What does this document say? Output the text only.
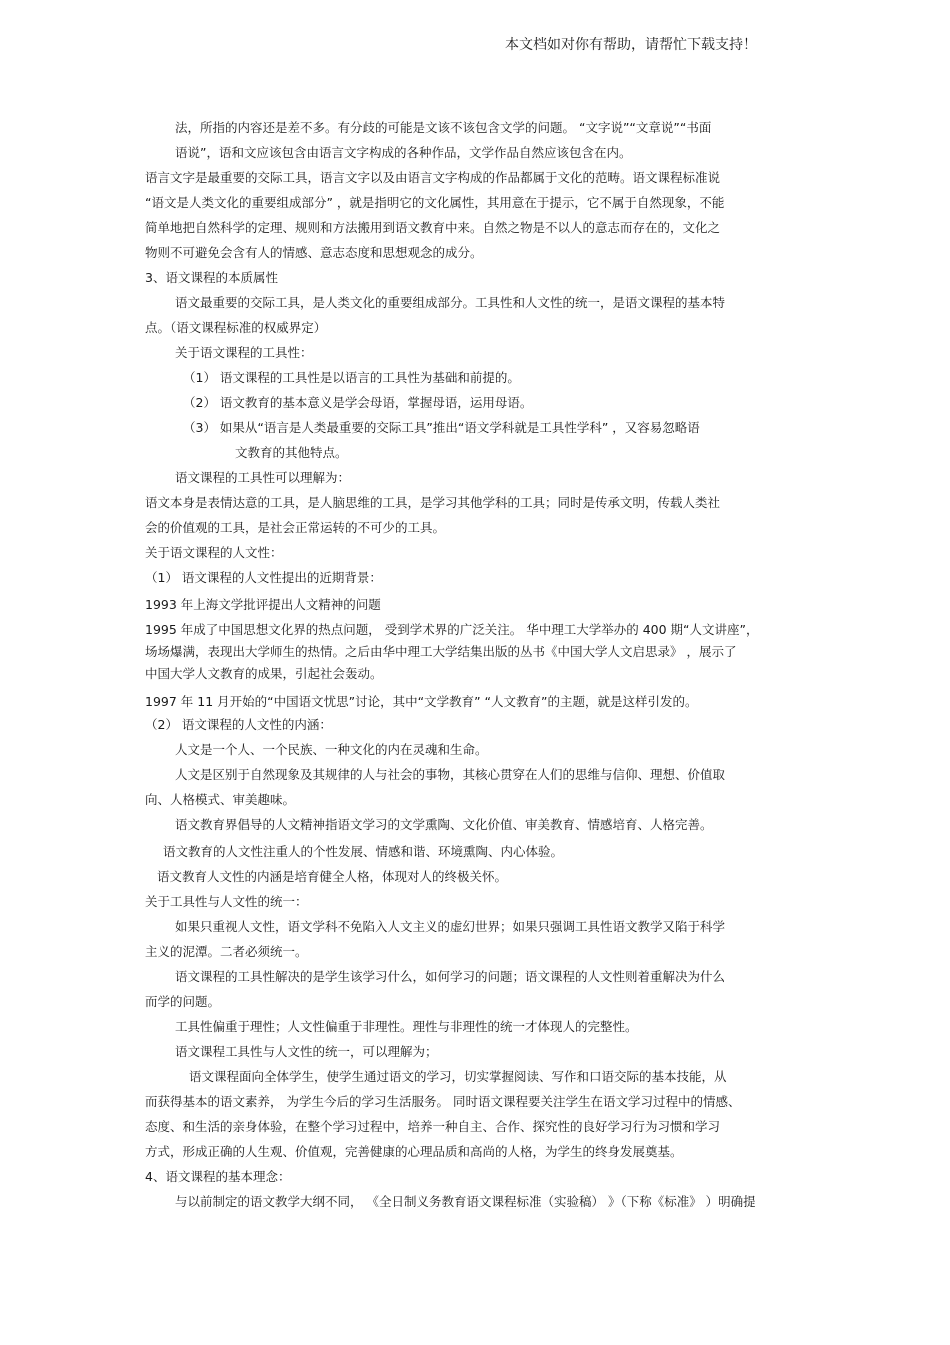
本文档如对你有帮助，请帮忙下载支持！
法，所指的内容还是差不多。有分歧的可能是文该不该包含文学的问题。 “文字说”“文章说”“书面
语说”，语和文应该包含由语言文字构成的各种作品，文学作品自然应该包含在内。
语言文字是最重要的交际工具，语言文字以及由语言文字构成的作品都属于文化的范畴。语文课程标准说
“语文是人类文化的重要组成部分” ，就是指明它的文化属性，其用意在于提示，它不属于自然现象，不能
简单地把自然科学的定理、规则和方法搬用到语文教育中来。自然之物是不以人的意志而存在的，文化之
物则不可避免会含有人的情感、意志态度和思想观念的成分。
3、语文课程的本质属性
语文最重要的交际工具，是人类文化的重要组成部分。工具性和人文性的统一，是语文课程的基本特
点。（语文课程标准的权威界定）
关于语文课程的工具性：
（1） 语文课程的工具性是以语言的工具性为基础和前提的。
（2） 语文教育的基本意义是学会母语，掌握母语，运用母语。
（3） 如果从“语言是人类最重要的交际工具”推出“语文学科就是工具性学科” ，又容易忽略语
文教育的其他特点。
语文课程的工具性可以理解为：
语文本身是表情达意的工具，是人脑思维的工具，是学习其他学科的工具；同时是传承文明，传载人类社
会的价值观的工具，是社会正常运转的不可少的工具。
关于语文课程的人文性：
（1） 语文课程的人文性提出的近期背景：
1993 年上海文学批评提出人文精神的问题
1995 年成了中国思想文化界的热点问题， 受到学术界的广泛关注。 华中理工大学举办的 400 期“人文讲座”，
场场爆满，表现出大学师生的热情。之后由华中理工大学结集出版的丛书《中国大学人文启思录》 ，展示了
中国大学人文教育的成果，引起社会轰动。
1997 年 11 月开始的“中国语文忧思”讨论，其中“文学教育” “人文教育”的主题，就是这样引发的。
（2） 语文课程的人文性的内涵：
人文是一个人、一个民族、一种文化的内在灵魂和生命。
人文是区别于自然现象及其规律的人与社会的事物，其核心贯穿在人们的思维与信仰、理想、价值取
向、人格模式、审美趣味。
语文教育界倡导的人文精神指语文学习的文学熏陶、文化价值、审美教育、情感培育、人格完善。
语文教育的人文性注重人的个性发展、情感和谐、环境熏陶、内心体验。
语文教育人文性的内涵是培育健全人格，体现对人的终极关怀。
关于工具性与人文性的统一：
如果只重视人文性，语文学科不免陷入人文主义的虚幻世界；如果只强调工具性语文教学又陷于科学
主义的泥潭。二者必须统一。
语文课程的工具性解决的是学生该学习什么，如何学习的问题；语文课程的人文性则着重解决为什么
而学的问题。
工具性偏重于理性；人文性偏重于非理性。理性与非理性的统一才体现人的完整性。
语文课程工具性与人文性的统一，可以理解为；
语文课程面向全体学生，使学生通过语文的学习，切实掌握阅读、写作和口语交际的基本技能，从
而获得基本的语文素养， 为学生今后的学习生活服务。 同时语文课程要关注学生在语文学习过程中的情感、
态度、和生活的亲身体验，在整个学习过程中，培养一种自主、合作、探究性的良好学习行为习惯和学习
方式，形成正确的人生观、价值观，完善健康的心理品质和高尚的人格，为学生的终身发展奠基。
4、语文课程的基本理念：
与以前制定的语文教学大纲不同， 《全日制义务教育语文课程标准（实验稿） 》（下称《标准》 ）明确提
